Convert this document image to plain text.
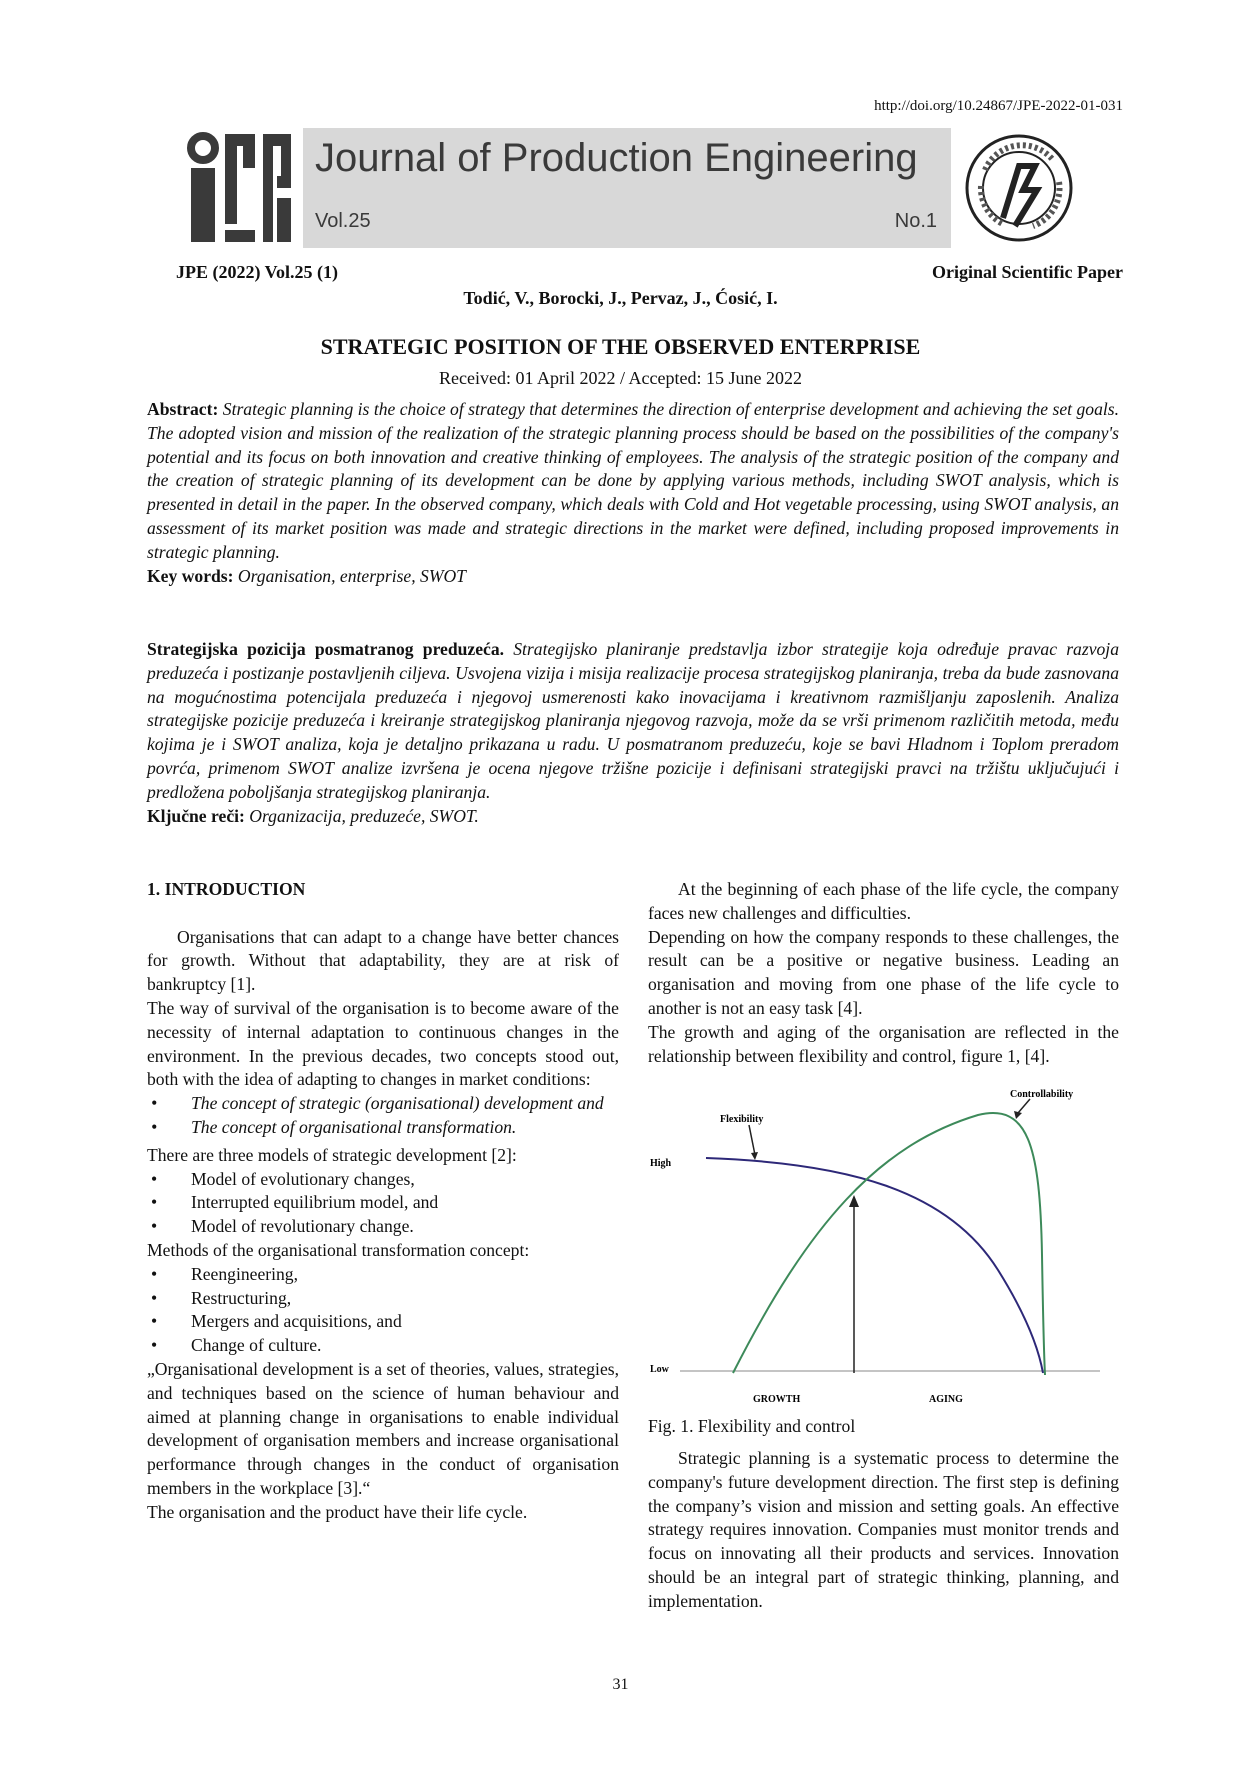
http://doi.org/10.24867/JPE-2022-01-031
Journal of Production Engineering
Vol.25	No.1
JPE (2022) Vol.25 (1)	Original Scientific Paper
Todić, V., Borocki, J., Pervaz, J., Ćosić, I.
STRATEGIC POSITION OF THE OBSERVED ENTERPRISE
Received: 01 April 2022 / Accepted: 15 June 2022

Abstract: Strategic planning is the choice of strategy that determines the direction of enterprise development and achieving the set goals. The adopted vision and mission of the realization of the strategic planning process should be based on the possibilities of the company's potential and its focus on both innovation and creative thinking of employees. The analysis of the strategic position of the company and the creation of strategic planning of its development can be done by applying various methods, including SWOT analysis, which is presented in detail in the paper. In the observed company, which deals with Cold and Hot vegetable processing, using SWOT analysis, an assessment of its market position was made and strategic directions in the market were defined, including proposed improvements in strategic planning.

Key words: Organisation, enterprise, SWOT

Strategijska pozicija posmatranog preduzeća. Strategijsko planiranje predstavlja izbor strategije koja određuje pravac razvoja preduzeća i postizanje postavljenih ciljeva. Usvojena vizija i misija realizacije procesa strategijskog planiranja, treba da bude zasnovana na mogućnostima potencijala preduzeća i njegovoj usmerenosti kako inovacijama i kreativnom razmišljanju zaposlenih. Analiza strategijske pozicije preduzeća i kreiranje strategijskog planiranja njegovog razvoja, može da se vrši primenom različitih metoda, među kojima je i SWOT analiza, koja je detaljno prikazana u radu. U posmatranom preduzeću, koje se bavi Hladnom i Toplom preradom povrća, primenom SWOT analize izvršena je ocena njegove tržišne pozicije i definisani strategijski pravci na tržištu uključujući i predložena poboljšanja strategijskog planiranja.

Ključne reči: Organizacija, preduzeće, SWOT.

1. INTRODUCTION

Organisations that can adapt to a change have better chances for growth. Without that adaptability, they are at risk of bankruptcy [1].

The way of survival of the organisation is to become aware of the necessity of internal adaptation to continuous changes in the environment. In the previous decades, two concepts stood out, both with the idea of adapting to changes in market conditions:

• The concept of strategic (organisational) development and
• The concept of organisational transformation.

There are three models of strategic development [2]:

• Model of evolutionary changes,
• Interrupted equilibrium model, and
• Model of revolutionary change.

Methods of the organisational transformation concept:

• Reengineering,
• Restructuring,
• Mergers and acquisitions, and
• Change of culture.

„Organisational development is a set of theories, values, strategies, and techniques based on the science of human behaviour and aimed at planning change in organisations to enable individual development of organisation members and increase organisational performance through changes in the conduct of organisation members in the workplace [3].“

The organisation and the product have their life cycle.

At the beginning of each phase of the life cycle, the company faces new challenges and difficulties.

Depending on how the company responds to these challenges, the result can be a positive or negative business. Leading an organisation and moving from one phase of the life cycle to another is not an easy task [4].

The growth and aging of the organisation are reflected in the relationship between flexibility and control, figure 1, [4].

High
Low
Flexibility
Controllability
GROWTH	AGING
Fig. 1. Flexibility and control

Strategic planning is a systematic process to determine the company's future development direction. The first step is defining the company’s vision and mission and setting goals. An effective strategy requires innovation. Companies must monitor trends and focus on innovating all their products and services. Innovation should be an integral part of strategic thinking, planning, and implementation.

31
